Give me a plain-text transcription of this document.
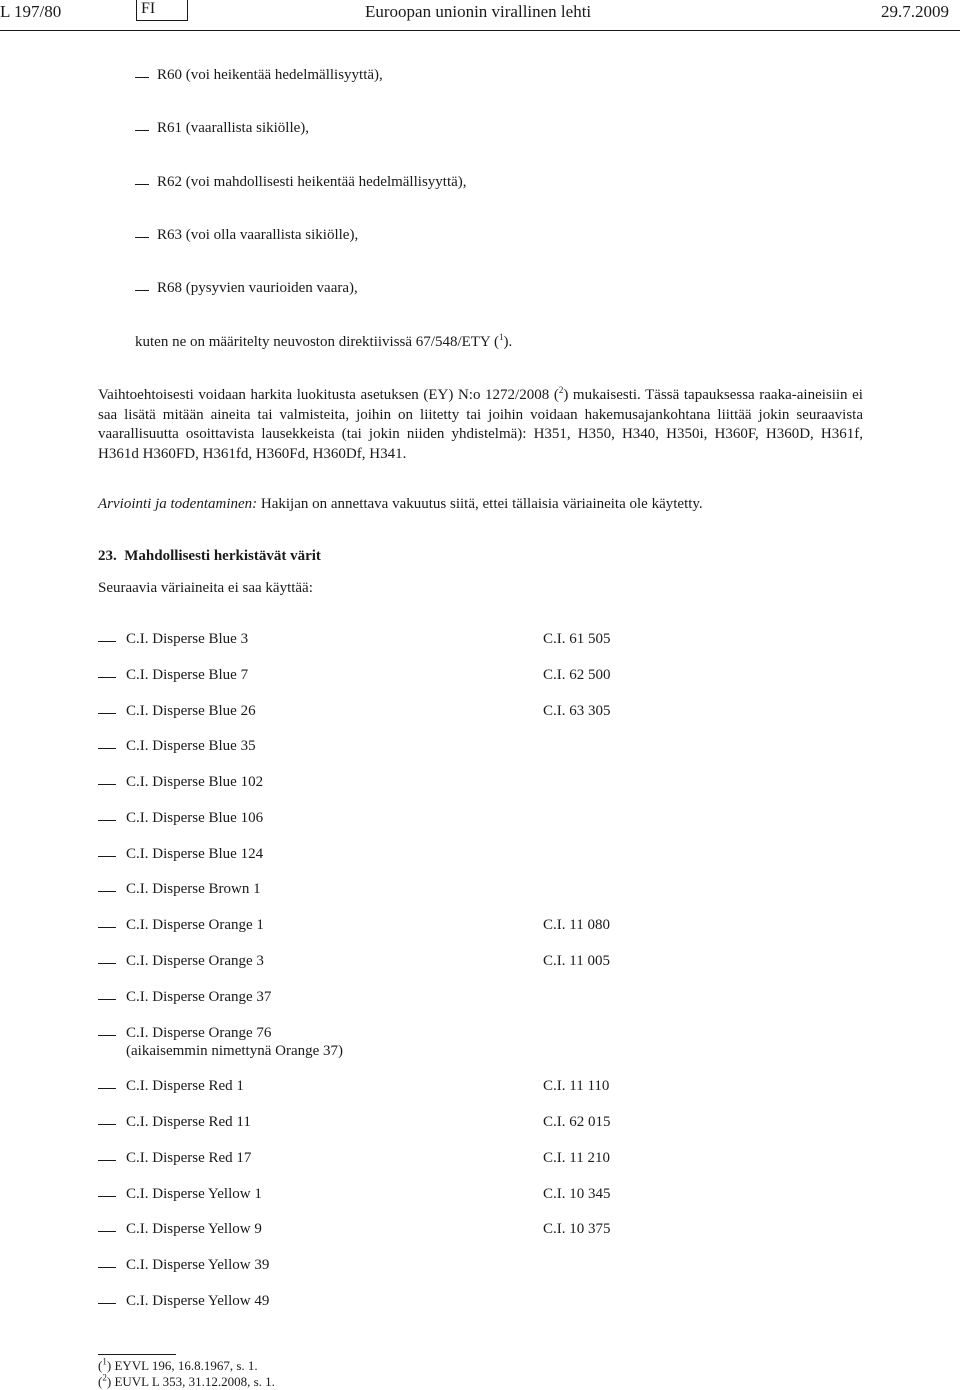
L 197/80	FI	Euroopan unionin virallinen lehti	29.7.2009
R60 (voi heikentää hedelmällisyyttä),
R61 (vaarallista sikiölle),
R62 (voi mahdollisesti heikentää hedelmällisyyttä),
R63 (voi olla vaarallista sikiölle),
R68 (pysyvien vaurioiden vaara),
kuten ne on määritelty neuvoston direktiivissä 67/548/ETY ($^1$).
Vaihtoehtoisesti voidaan harkita luokitusta asetuksen (EY) N:o 1272/2008 ($^2$) mukaisesti. Tässä tapauksessa raaka-aineisiin ei saa lisätä mitään aineita tai valmisteita, joihin on liitetty tai joihin voidaan hakemusajankohtana liittää jokin seuraavista vaarallisuutta osoittavista lausekkeista (tai jokin niiden yhdistelmä): H351, H350, H340, H350i, H360F, H360D, H361f, H361d H360FD, H361fd, H360Fd, H360Df, H341.
Arviointi ja todentaminen: Hakijan on annettava vakuutus siitä, ettei tällaisia väriaineita ole käytetty.
23. Mahdollisesti herkistävät värit
Seuraavia väriaineita ei saa käyttää:
C.I. Disperse Blue 3	C.I. 61 505
C.I. Disperse Blue 7	C.I. 62 500
C.I. Disperse Blue 26	C.I. 63 305
C.I. Disperse Blue 35
C.I. Disperse Blue 102
C.I. Disperse Blue 106
C.I. Disperse Blue 124
C.I. Disperse Brown 1
C.I. Disperse Orange 1	C.I. 11 080
C.I. Disperse Orange 3	C.I. 11 005
C.I. Disperse Orange 37
C.I. Disperse Orange 76
(aikaisemmin nimettynä Orange 37)
C.I. Disperse Red 1	C.I. 11 110
C.I. Disperse Red 11	C.I. 62 015
C.I. Disperse Red 17	C.I. 11 210
C.I. Disperse Yellow 1	C.I. 10 345
C.I. Disperse Yellow 9	C.I. 10 375
C.I. Disperse Yellow 39
C.I. Disperse Yellow 49
($^1$) EYVL 196, 16.8.1967, s. 1.
($^2$) EUVL L 353, 31.12.2008, s. 1.
